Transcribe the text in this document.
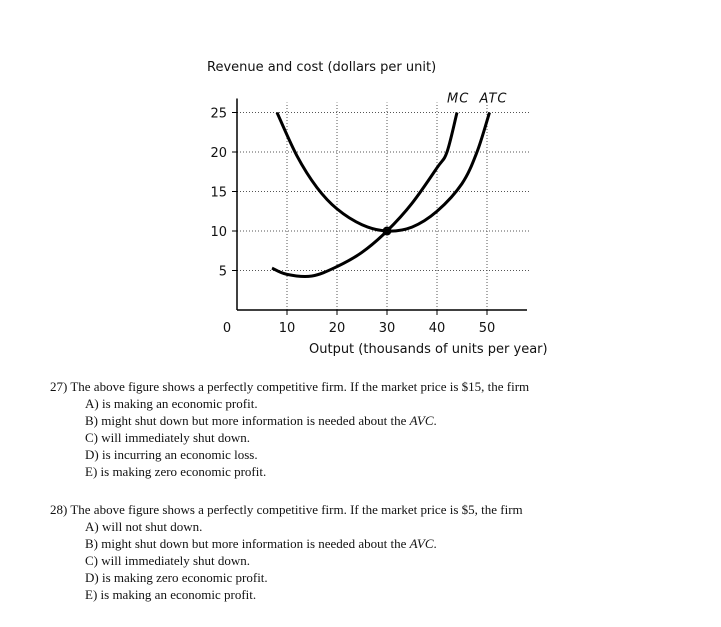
Revenue and cost (dollars per unit)
5
10
15
20
25
0	10	20	30	40	50
MC ATC
Output (thousands of units per year)
27) The above figure shows a perfectly competitive firm. If the market price is $15, the firm
A) is making an economic profit.
B) might shut down but more information is needed about the AVC.
C) will immediately shut down.
D) is incurring an economic loss.
E) is making zero economic profit.
28) The above figure shows a perfectly competitive firm. If the market price is $5, the firm
A) will not shut down.
B) might shut down but more information is needed about the AVC.
C) will immediately shut down.
D) is making zero economic profit.
E) is making an economic profit.
